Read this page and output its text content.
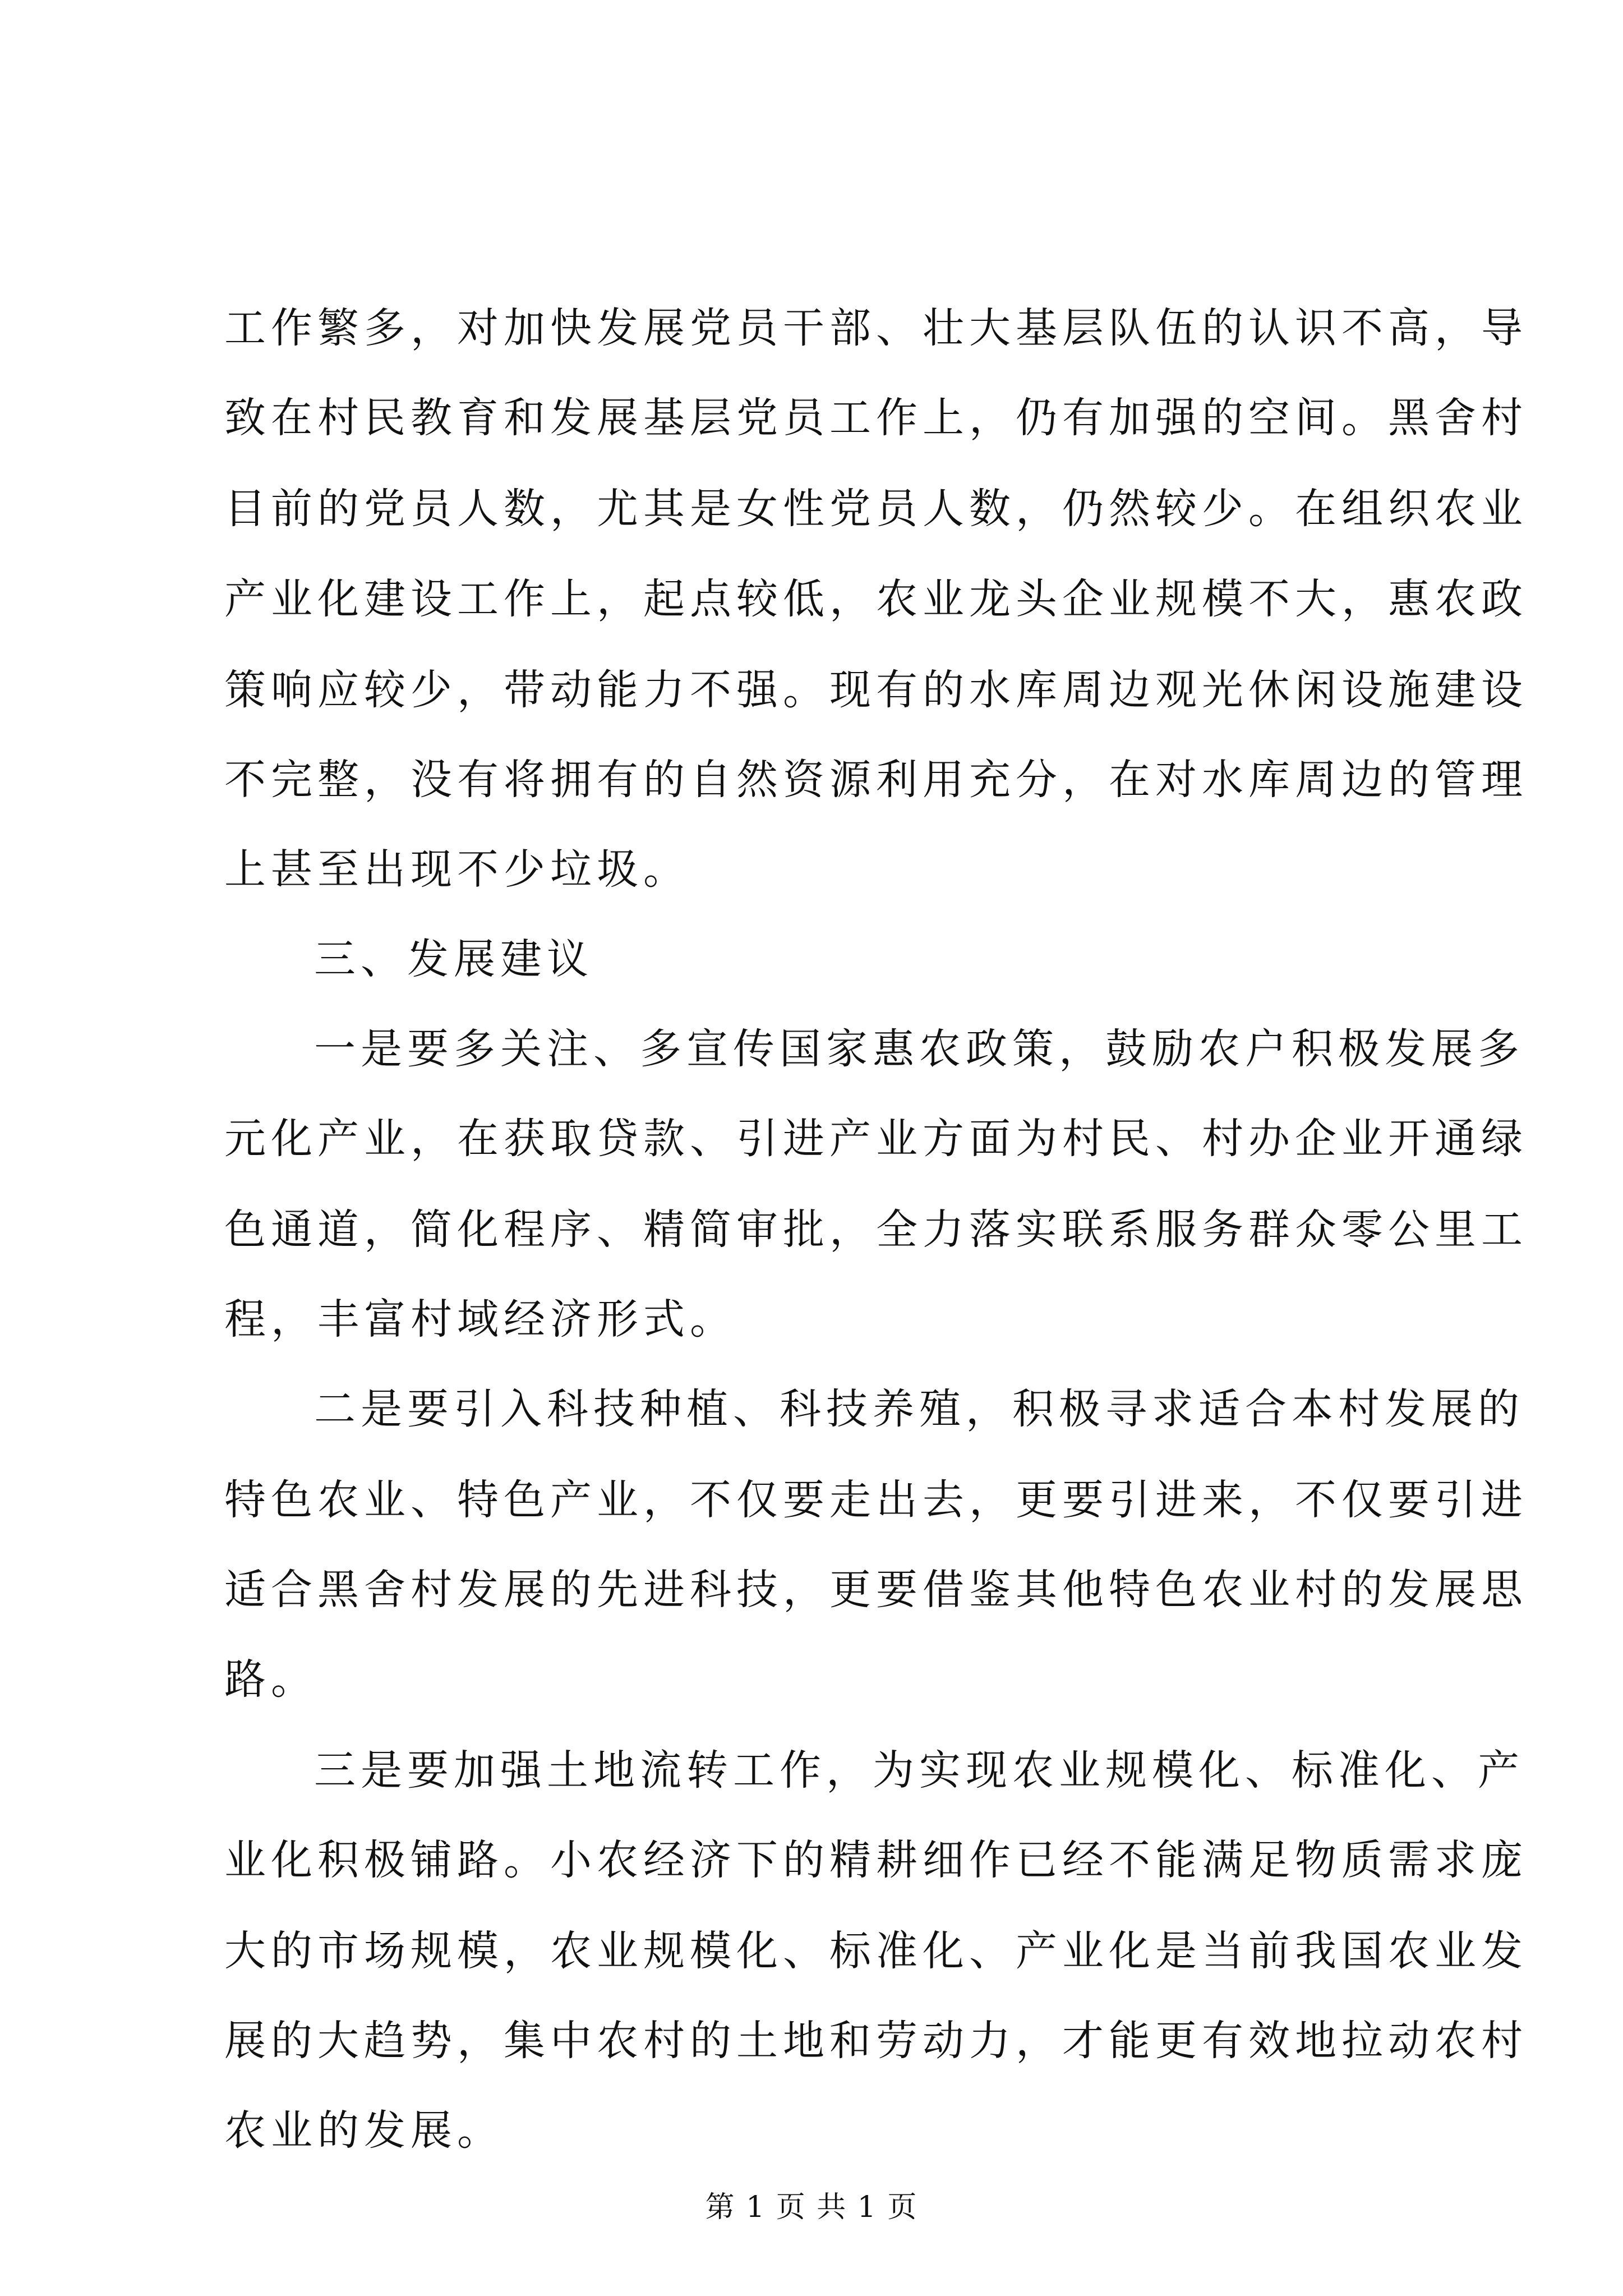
工作繁多，对加快发展党员干部、壮大基层队伍的认识不高，导
致在村民教育和发展基层党员工作上，仍有加强的空间。黑舍村
目前的党员人数，尤其是女性党员人数，仍然较少。在组织农业
产业化建设工作上，起点较低，农业龙头企业规模不大，惠农政
策响应较少，带动能力不强。现有的水库周边观光休闲设施建设
不完整，没有将拥有的自然资源利用充分，在对水库周边的管理
上甚至出现不少垃圾。
三、发展建议
一是要多关注、多宣传国家惠农政策，鼓励农户积极发展多
元化产业，在获取贷款、引进产业方面为村民、村办企业开通绿
色通道，简化程序、精简审批，全力落实联系服务群众零公里工
程，丰富村域经济形式。
二是要引入科技种植、科技养殖，积极寻求适合本村发展的
特色农业、特色产业，不仅要走出去，更要引进来，不仅要引进
适合黑舍村发展的先进科技，更要借鉴其他特色农业村的发展思
路。
三是要加强土地流转工作，为实现农业规模化、标准化、产
业化积极铺路。小农经济下的精耕细作已经不能满足物质需求庞
大的市场规模，农业规模化、标准化、产业化是当前我国农业发
展的大趋势，集中农村的土地和劳动力，才能更有效地拉动农村
农业的发展。
第 1 页 共 1 页
